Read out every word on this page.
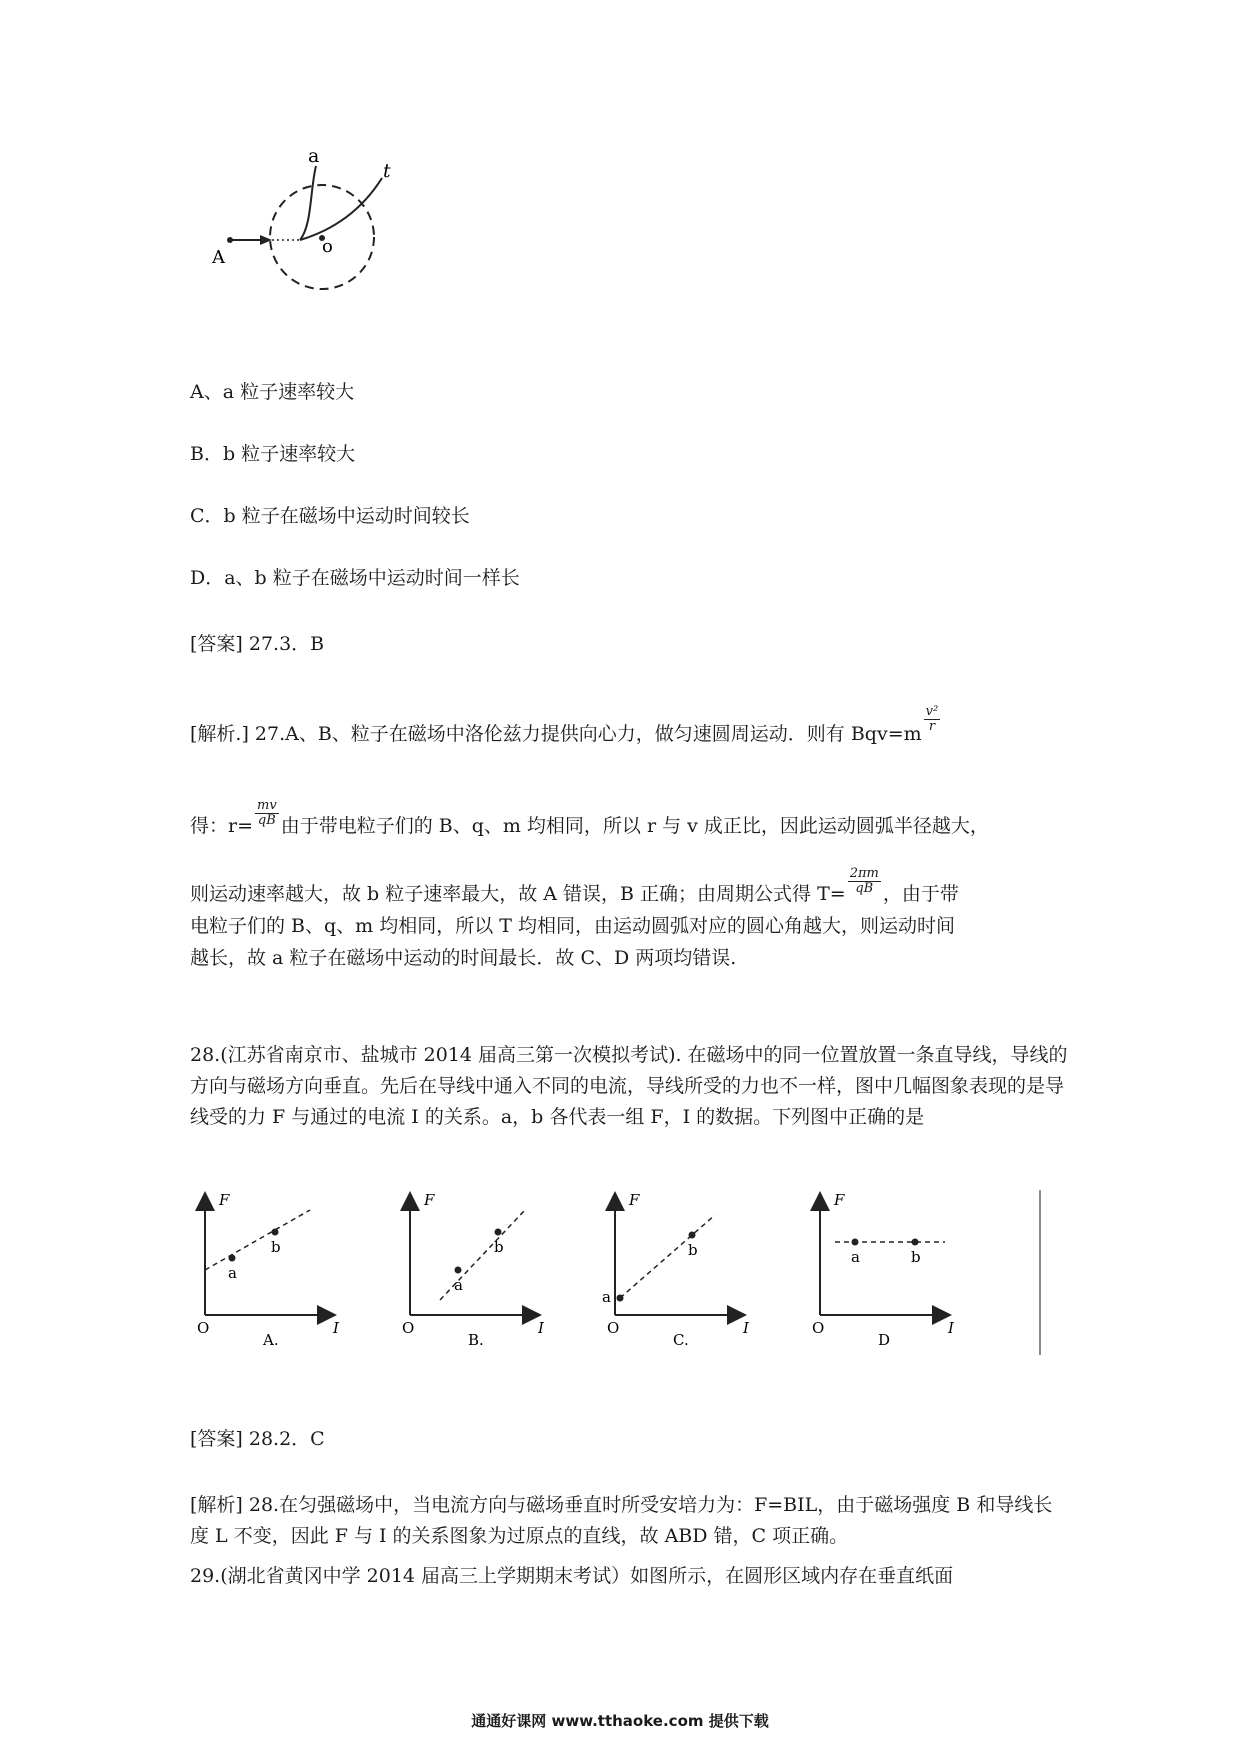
a
t
A
o
A、a 粒子速率较大
B．b 粒子速率较大
C．b 粒子在磁场中运动时间较长
D．a、b 粒子在磁场中运动时间一样长
[答案] 27.3．B
[解析.] 27.A、B、粒子在磁场中洛伦兹力提供向心力，做匀速圆周运动．则有 Bqv=m
$\frac{\text{v²}}{r}$
得：$r= \frac{mv}{qB}$ 由于带电粒子们的 B、q、m 均相同，所以 r 与 v 成正比，因此运动圆弧半径越大，
则运动速率越大，故 b 粒子速率最大，故 A 错误，B 正确；由周期公式得 $T= \frac{2\pi m}{qB}$ ，由于带
电粒子们的 B、q、m 均相同，所以 T 均相同，由运动圆弧对应的圆心角越大，则运动时间
越长，故 a 粒子在磁场中运动的时间最长．故 C、D 两项均错误.
28.(江苏省南京市、盐城市 2014 届高三第一次模拟考试). 在磁场中的同一位置放置一条直导线，导线的方向与磁场方向垂直。先后在导线中通入不同的电流，导线所受的力也不一样，图中几幅图象表现的是导线受的力 F 与通过的电流 I 的关系。a，b 各代表一组 F，I 的数据。下列图中正确的是
F
I
O
A.
a
b
F
I
O
B.
a
b
F
I
O
C.
a
b
F
I
O
D
a	b
[答案] 28.2．C
[解析] 28.在匀强磁场中，当电流方向与磁场垂直时所受安培力为：F=BIL，由于磁场强度 B 和导线长度 L 不变，因此 F 与 I 的关系图象为过原点的直线，故 ABD 错，C 项正确。
29.(湖北省黄冈中学 2014 届高三上学期期末考试）如图所示，在圆形区域内存在垂直纸面
通通好课网 www.tthaoke.com 提供下载
